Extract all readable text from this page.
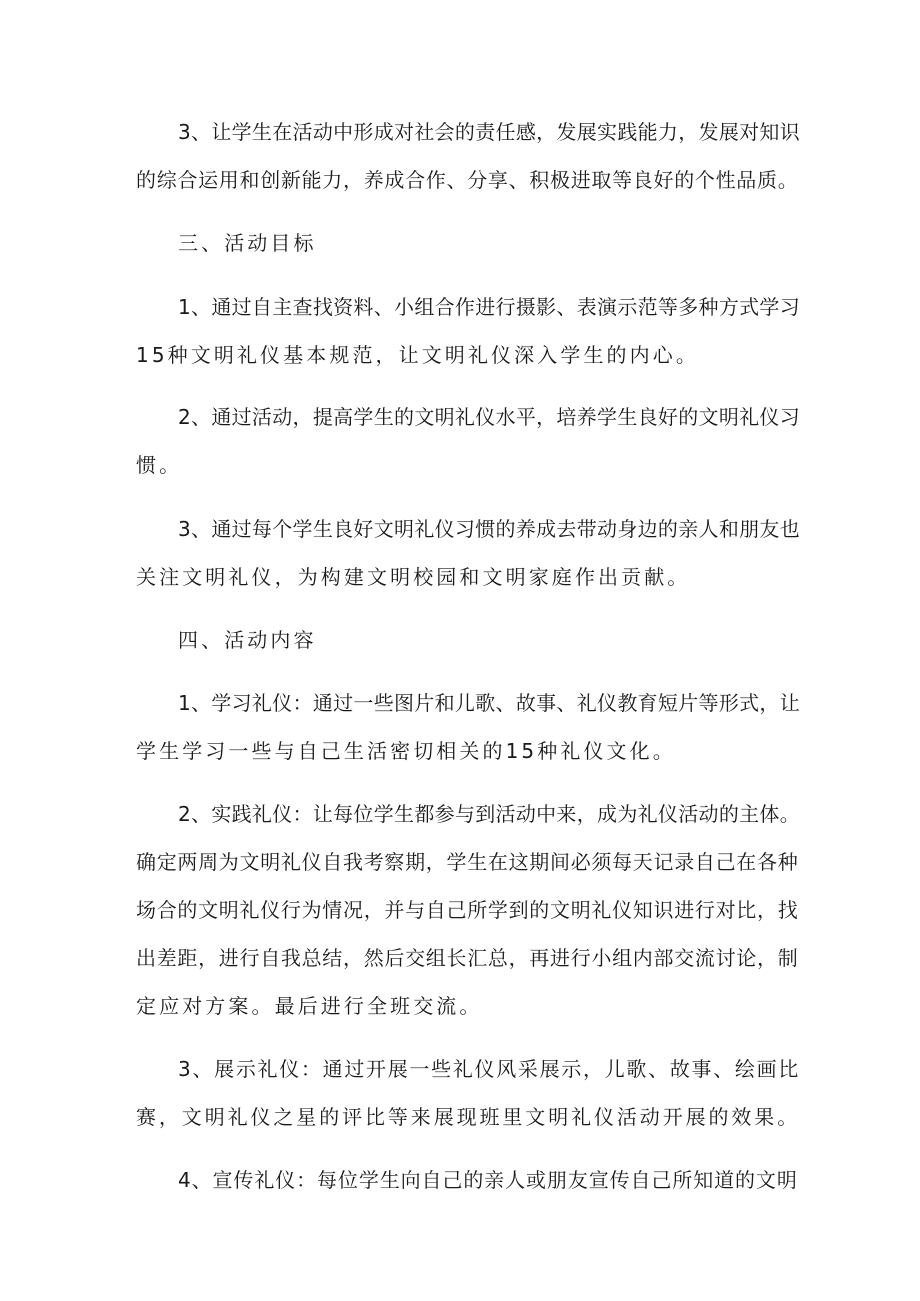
3、让学生在活动中形成对社会的责任感，发展实践能力，发展对知识

的综合运用和创新能力，养成合作、分享、积极进取等良好的个性品质。

三、活动目标

1、通过自主查找资料、小组合作进行摄影、表演示范等多种方式学习

15种文明礼仪基本规范，让文明礼仪深入学生的内心。

2、通过活动，提高学生的文明礼仪水平，培养学生良好的文明礼仪习

惯。

3、通过每个学生良好文明礼仪习惯的养成去带动身边的亲人和朋友也

关注文明礼仪，为构建文明校园和文明家庭作出贡献。

四、活动内容

1、学习礼仪：通过一些图片和儿歌、故事、礼仪教育短片等形式，让

学生学习一些与自己生活密切相关的15种礼仪文化。

2、实践礼仪：让每位学生都参与到活动中来，成为礼仪活动的主体。

确定两周为文明礼仪自我考察期，学生在这期间必须每天记录自己在各种

场合的文明礼仪行为情况，并与自己所学到的文明礼仪知识进行对比，找

出差距，进行自我总结，然后交组长汇总，再进行小组内部交流讨论，制

定应对方案。最后进行全班交流。

3、展示礼仪：通过开展一些礼仪风采展示，儿歌、故事、绘画比

赛，文明礼仪之星的评比等来展现班里文明礼仪活动开展的效果。

4、宣传礼仪：每位学生向自己的亲人或朋友宣传自己所知道的文明
